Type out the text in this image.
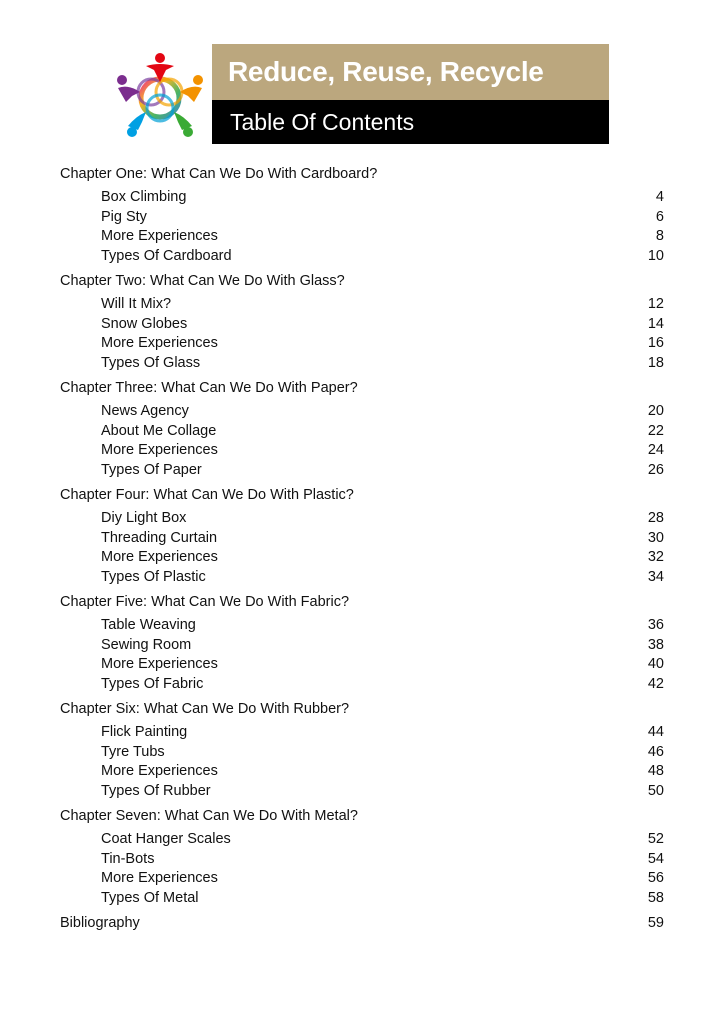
Reduce, Reuse, Recycle
Table Of Contents
Chapter One: What Can We Do With Cardboard?
Box Climbing	4
Pig Sty	6
More Experiences	8
Types Of Cardboard	10
Chapter Two: What Can We Do With Glass?
Will It Mix?	12
Snow Globes	14
More Experiences	16
Types Of Glass	18
Chapter Three: What Can We Do With Paper?
News Agency	20
About Me Collage	22
More Experiences	24
Types Of Paper	26
Chapter Four: What Can We Do With Plastic?
Diy Light Box	28
Threading Curtain	30
More Experiences	32
Types Of Plastic	34
Chapter Five: What Can We Do With Fabric?
Table Weaving	36
Sewing Room	38
More Experiences	40
Types Of Fabric	42
Chapter Six: What Can We Do With Rubber?
Flick Painting	44
Tyre Tubs	46
More Experiences	48
Types Of Rubber	50
Chapter Seven: What Can We Do With Metal?
Coat Hanger Scales	52
Tin-Bots	54
More Experiences	56
Types Of Metal	58
Bibliography	59
